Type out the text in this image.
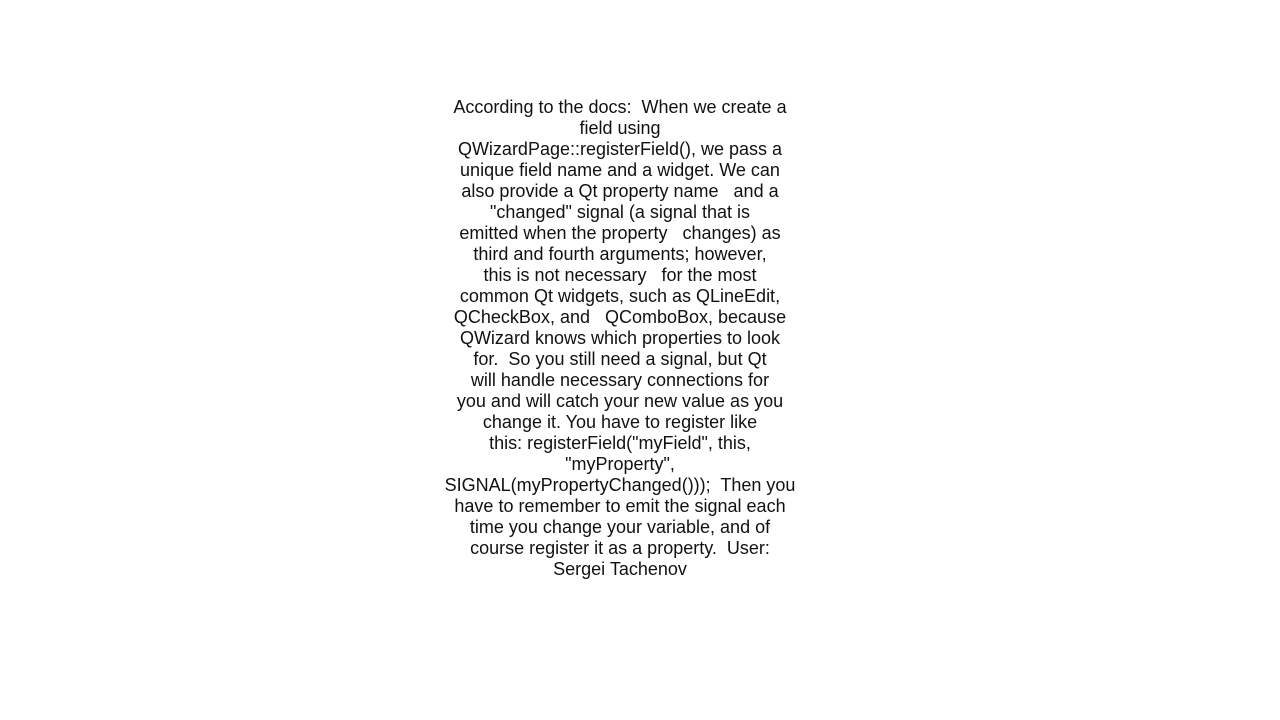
According to the docs:  When we create a
field using
QWizardPage::registerField(), we pass a
unique field name and a widget. We can
also provide a Qt property name   and a
"changed" signal (a signal that is
emitted when the property   changes) as
third and fourth arguments; however,
this is not necessary   for the most
common Qt widgets, such as QLineEdit,
QCheckBox, and   QComboBox, because
QWizard knows which properties to look
for.  So you still need a signal, but Qt
will handle necessary connections for
you and will catch your new value as you
change it. You have to register like
this: registerField("myField", this,
"myProperty",
SIGNAL(myPropertyChanged()));  Then you
have to remember to emit the signal each
time you change your variable, and of
course register it as a property.  User:
Sergei Tachenov
